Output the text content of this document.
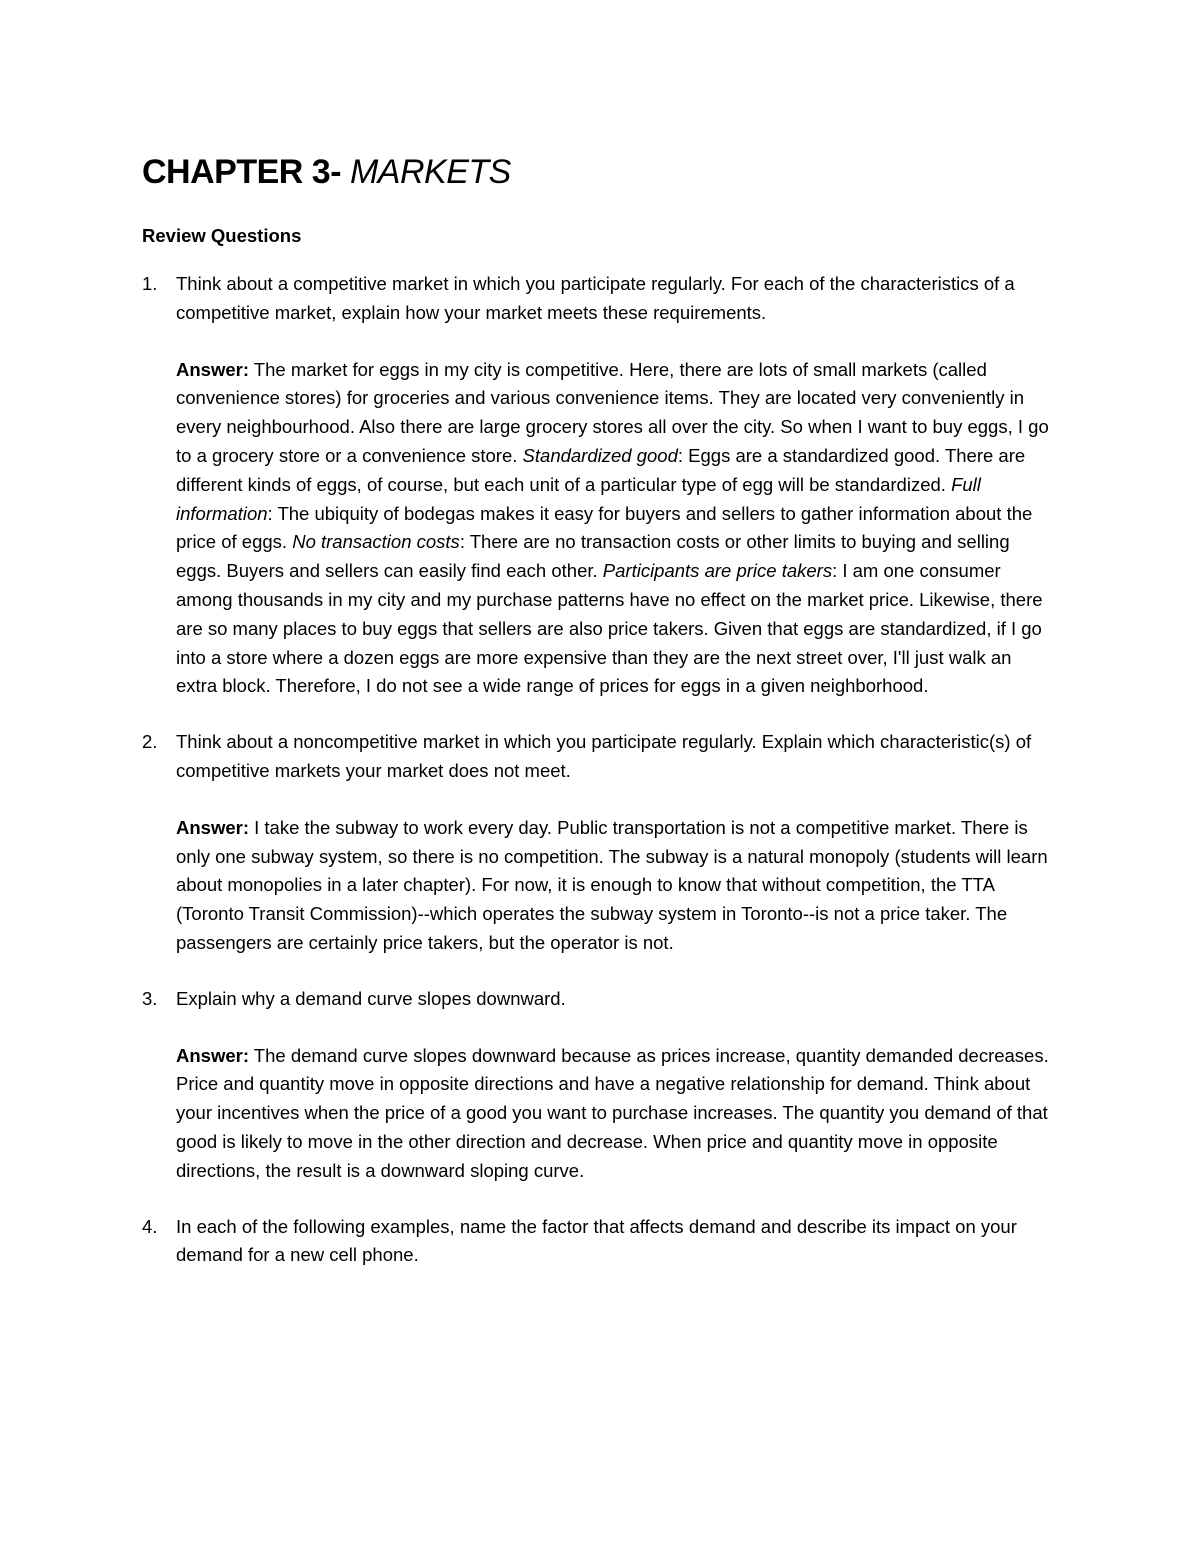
CHAPTER 3- MARKETS
Review Questions
1. Think about a competitive market in which you participate regularly. For each of the characteristics of a competitive market, explain how your market meets these requirements.

Answer: The market for eggs in my city is competitive. Here, there are lots of small markets (called convenience stores) for groceries and various convenience items. They are located very conveniently in every neighbourhood. Also there are large grocery stores all over the city. So when I want to buy eggs, I go to a grocery store or a convenience store. Standardized good: Eggs are a standardized good. There are different kinds of eggs, of course, but each unit of a particular type of egg will be standardized. Full information: The ubiquity of bodegas makes it easy for buyers and sellers to gather information about the price of eggs. No transaction costs: There are no transaction costs or other limits to buying and selling eggs. Buyers and sellers can easily find each other. Participants are price takers: I am one consumer among thousands in my city and my purchase patterns have no effect on the market price. Likewise, there are so many places to buy eggs that sellers are also price takers. Given that eggs are standardized, if I go into a store where a dozen eggs are more expensive than they are the next street over, I'll just walk an extra block. Therefore, I do not see a wide range of prices for eggs in a given neighborhood.

2. Think about a noncompetitive market in which you participate regularly. Explain which characteristic(s) of competitive markets your market does not meet.

Answer: I take the subway to work every day. Public transportation is not a competitive market. There is only one subway system, so there is no competition. The subway is a natural monopoly (students will learn about monopolies in a later chapter). For now, it is enough to know that without competition, the TTA (Toronto Transit Commission)--which operates the subway system in Toronto--is not a price taker. The passengers are certainly price takers, but the operator is not.

3. Explain why a demand curve slopes downward.

Answer: The demand curve slopes downward because as prices increase, quantity demanded decreases. Price and quantity move in opposite directions and have a negative relationship for demand. Think about your incentives when the price of a good you want to purchase increases. The quantity you demand of that good is likely to move in the other direction and decrease. When price and quantity move in opposite directions, the result is a downward sloping curve.

4. In each of the following examples, name the factor that affects demand and describe its impact on your demand for a new cell phone.
